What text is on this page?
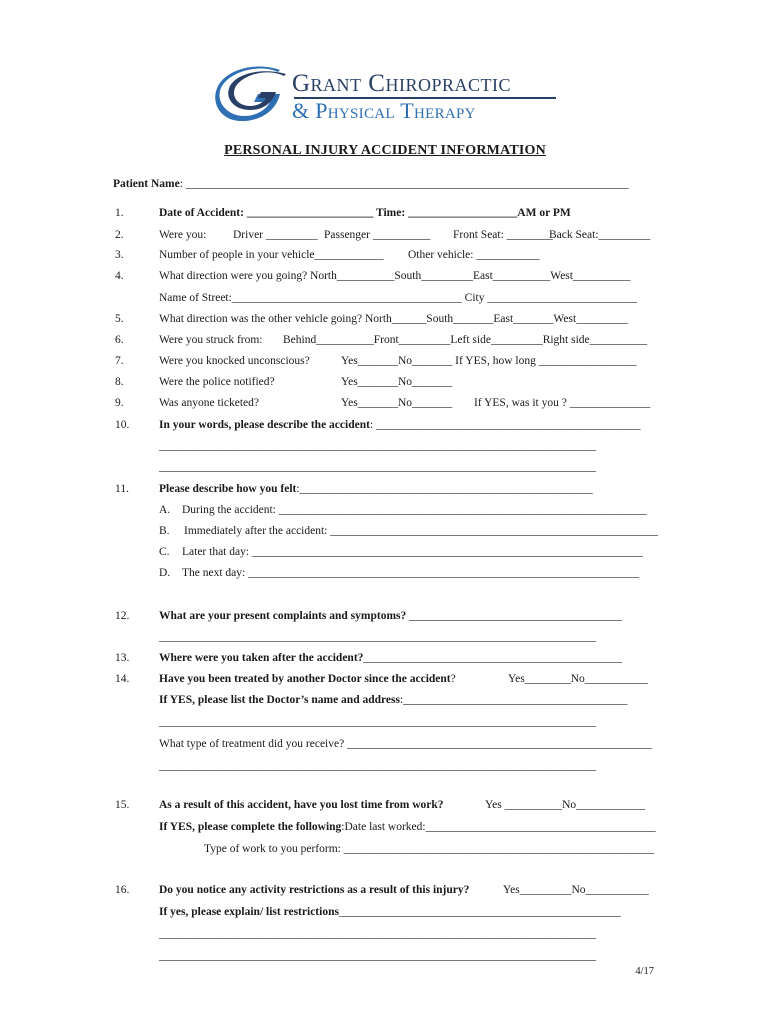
Grant Chiropractic
& Physical Therapy
PERSONAL INJURY ACCIDENT INFORMATION
Patient Name: _____________________________________________________________________________
1.	Date of Accident: ______________________ Time: ___________________AM or PM
2.	Were you: Driver _________ Passenger __________ Front Seat: ________
Back Seat:_________
3.	Number of people in your vehicle____________ Other vehicle: ___________
4.	What direction were you going? North__________South_________East__________West__________
Name of Street:________________________________________ City __________________________
5.	What direction was the other vehicle going? North______South_______East_______West_________
6.	Were you struck from: Behind__________Front_________Left side_________Right side__________
7.	Were you knocked unconscious?	Yes_______No_______ If YES, how long _________________
8.	Were the police notified?	Yes_______No_______
9.	Was anyone ticketed?	Yes_______No_______ If YES, was it you ? ______________
10.	In your words, please describe the accident: ______________________________________________
____________________________________________________________________________
____________________________________________________________________________
11.	Please describe how you felt:___________________________________________________
A. During the accident: ________________________________________________________________
B. Immediately after the accident: _________________________________________________________
C. Later that day: ____________________________________________________________________
D. The next day: ____________________________________________________________________
12.	What are your present complaints and symptoms? _____________________________________
____________________________________________________________________________
13.	Where were you taken after the accident?_____________________________________________
14.	Have you been treated by another Doctor since the accident?	Yes________No___________
If YES, please list the Doctor’s name and address:_______________________________________
____________________________________________________________________________
What type of treatment did you receive? _____________________________________________________
____________________________________________________________________________
15.	As a result of this accident, have you lost time from work?	Yes __________No____________
If YES, please complete the following:Date last worked:________________________________________
Type of work to you perform: ______________________________________________________
16.	Do you notice any activity restrictions as a result of this injury?	Yes_________No___________
If yes, please explain/ list restrictions_________________________________________________
____________________________________________________________________________
____________________________________________________________________________
4/17
